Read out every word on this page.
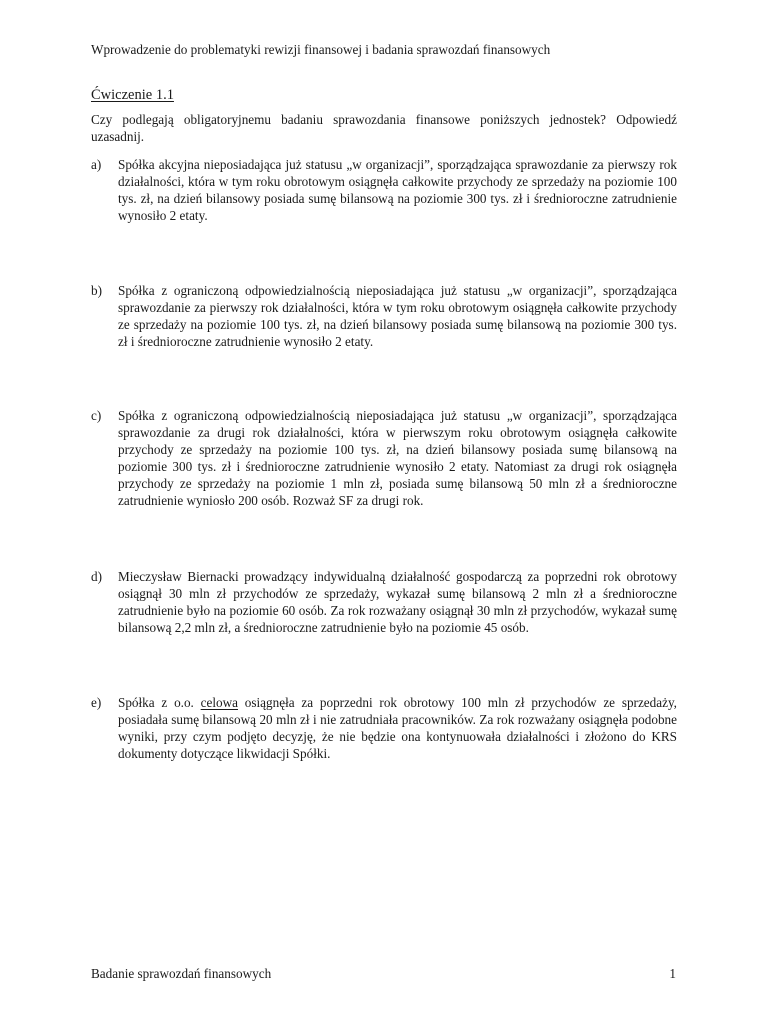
Wprowadzenie do problematyki rewizji finansowej i badania sprawozdań finansowych
Ćwiczenie 1.1
Czy podlegają obligatoryjnemu badaniu sprawozdania finansowe poniższych jednostek? Odpowiedź uzasadnij.
a)	Spółka akcyjna nieposiadająca już statusu „w organizacji”, sporządzająca sprawozdanie za pierwszy rok działalności, która w tym roku obrotowym osiągnęła całkowite przychody ze sprzedaży na poziomie 100 tys. zł, na dzień bilansowy posiada sumę bilansową na poziomie 300 tys. zł i średnioroczne zatrudnienie wynosiło 2 etaty.
b)	Spółka z ograniczoną odpowiedzialnością nieposiadająca już statusu „w organizacji”, sporządzająca sprawozdanie za pierwszy rok działalności, która w tym roku obrotowym osiągnęła całkowite przychody ze sprzedaży na poziomie 100 tys. zł, na dzień bilansowy posiada sumę bilansową na poziomie 300 tys. zł i średnioroczne zatrudnienie wynosiło 2 etaty.
c)	Spółka z ograniczoną odpowiedzialnością nieposiadająca już statusu „w organizacji”, sporządzająca sprawozdanie za drugi rok działalności, która w pierwszym roku obrotowym osiągnęła całkowite przychody ze sprzedaży na poziomie 100 tys. zł, na dzień bilansowy posiada sumę bilansową na poziomie 300 tys. zł i średnioroczne zatrudnienie wynosiło 2 etaty. Natomiast za drugi rok osiągnęła przychody ze sprzedaży na poziomie 1 mln zł, posiada sumę bilansową 50 mln zł a średnioroczne zatrudnienie wyniosło 200 osób. Rozważ SF za drugi rok.
d)	Mieczysław Biernacki prowadzący indywidualną działalność gospodarczą za poprzedni rok obrotowy osiągnął 30 mln zł przychodów ze sprzedaży, wykazał sumę bilansową 2 mln zł a średnioroczne zatrudnienie było na poziomie 60 osób. Za rok rozważany osiągnął 30 mln zł przychodów, wykazał sumę bilansową 2,2 mln zł, a średnioroczne zatrudnienie było na poziomie 45 osób.
e)	Spółka z o.o. celowa osiągnęła za poprzedni rok obrotowy 100 mln zł przychodów ze sprzedaży, posiadała sumę bilansową 20 mln zł i nie zatrudniała pracowników. Za rok rozważany osiągnęła podobne wyniki, przy czym podjęto decyzję, że nie będzie ona kontynuowała działalności i złożono do KRS dokumenty dotyczące likwidacji Spółki.
Badanie sprawozdań finansowych	1
